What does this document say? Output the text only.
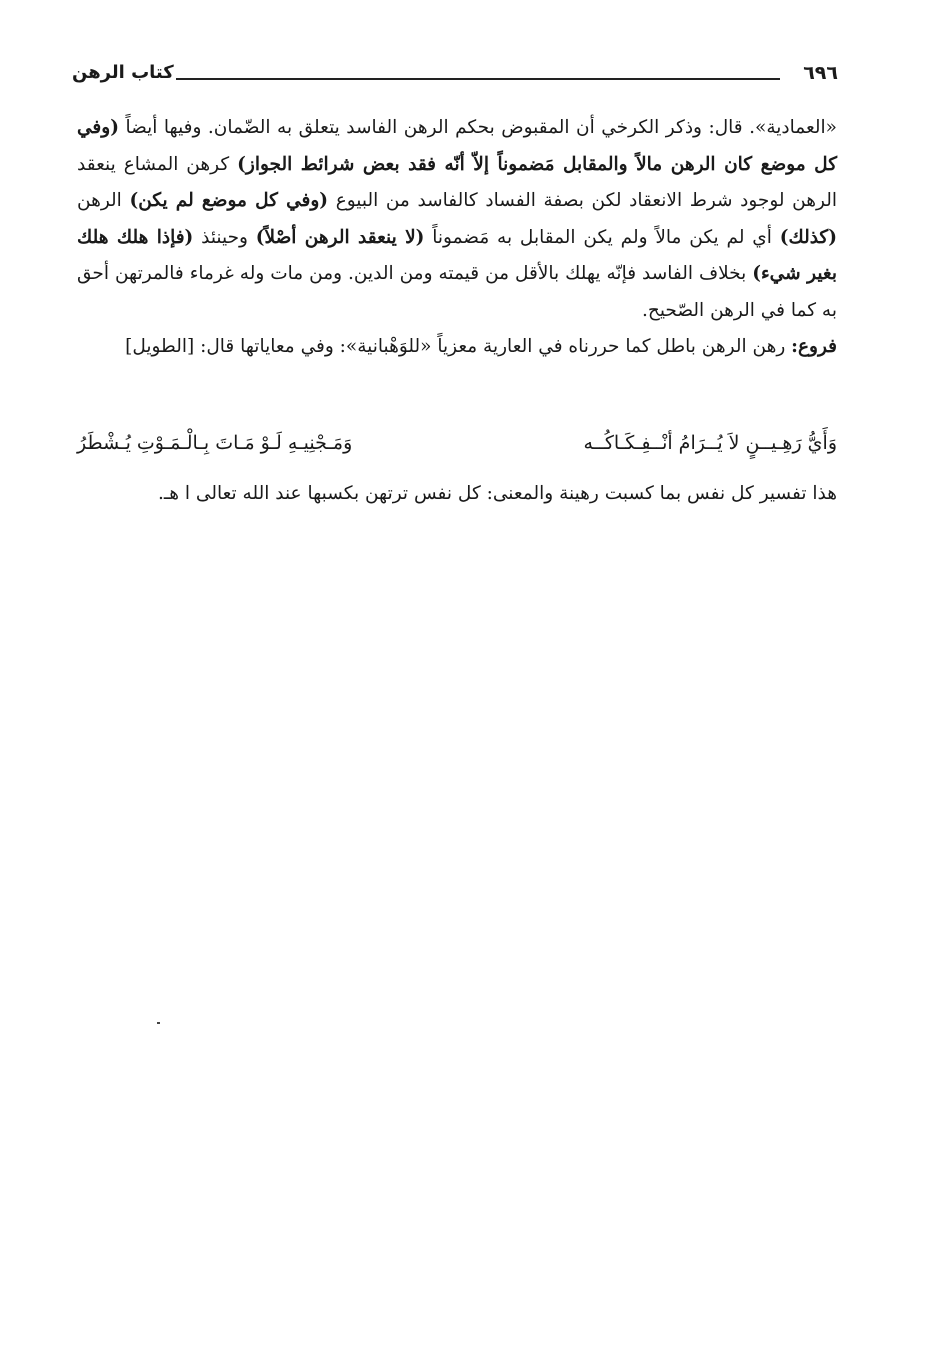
٦٩٦
كتاب الرهن

«العمادية». قال: وذكر الكرخي أن المقبوض بحكم الرهن الفاسد يتعلق به الضّمان. وفيها أيضاً (وفي كل موضع كان الرهن مالاً والمقابل مَضموناً إلاّ أنّه فقد بعض شرائط الجواز) كرهن المشاع ينعقد الرهن لوجود شرط الانعقاد لكن بصفة الفساد كالفاسد من البيوع (وفي كل موضع لم يكن) الرهن (كذلك) أي لم يكن مالاً ولم يكن المقابل به مَضموناً (لا ينعقد الرهن أصْلاً) وحينئذ (فإذا هلك هلك بغير شيء) بخلاف الفاسد فإنّه يهلك بالأقل من قيمته ومن الدين. ومن مات وله غرماء فالمرتهن أحق به كما في الرهن الصّحيح.

فروع: رهن الرهن باطل كما حررناه في العارية معزياً «للوَهْبانية»: وفي معاياتها قال: [الطويل]

وَأَيُّ رَهِـيــنٍ لاَ يُــرَامُ أنْــفِـكَـاكُــه
وَمَـجْنِيـهِ لَـوْ مَـاتَ بِـالْـمَـوْتِ يُـشْطَرُ

هذا تفسير كل نفس بما كسبت رهينة والمعنى: كل نفس ترتهن بكسبها عند الله تعالى ا هـ.
